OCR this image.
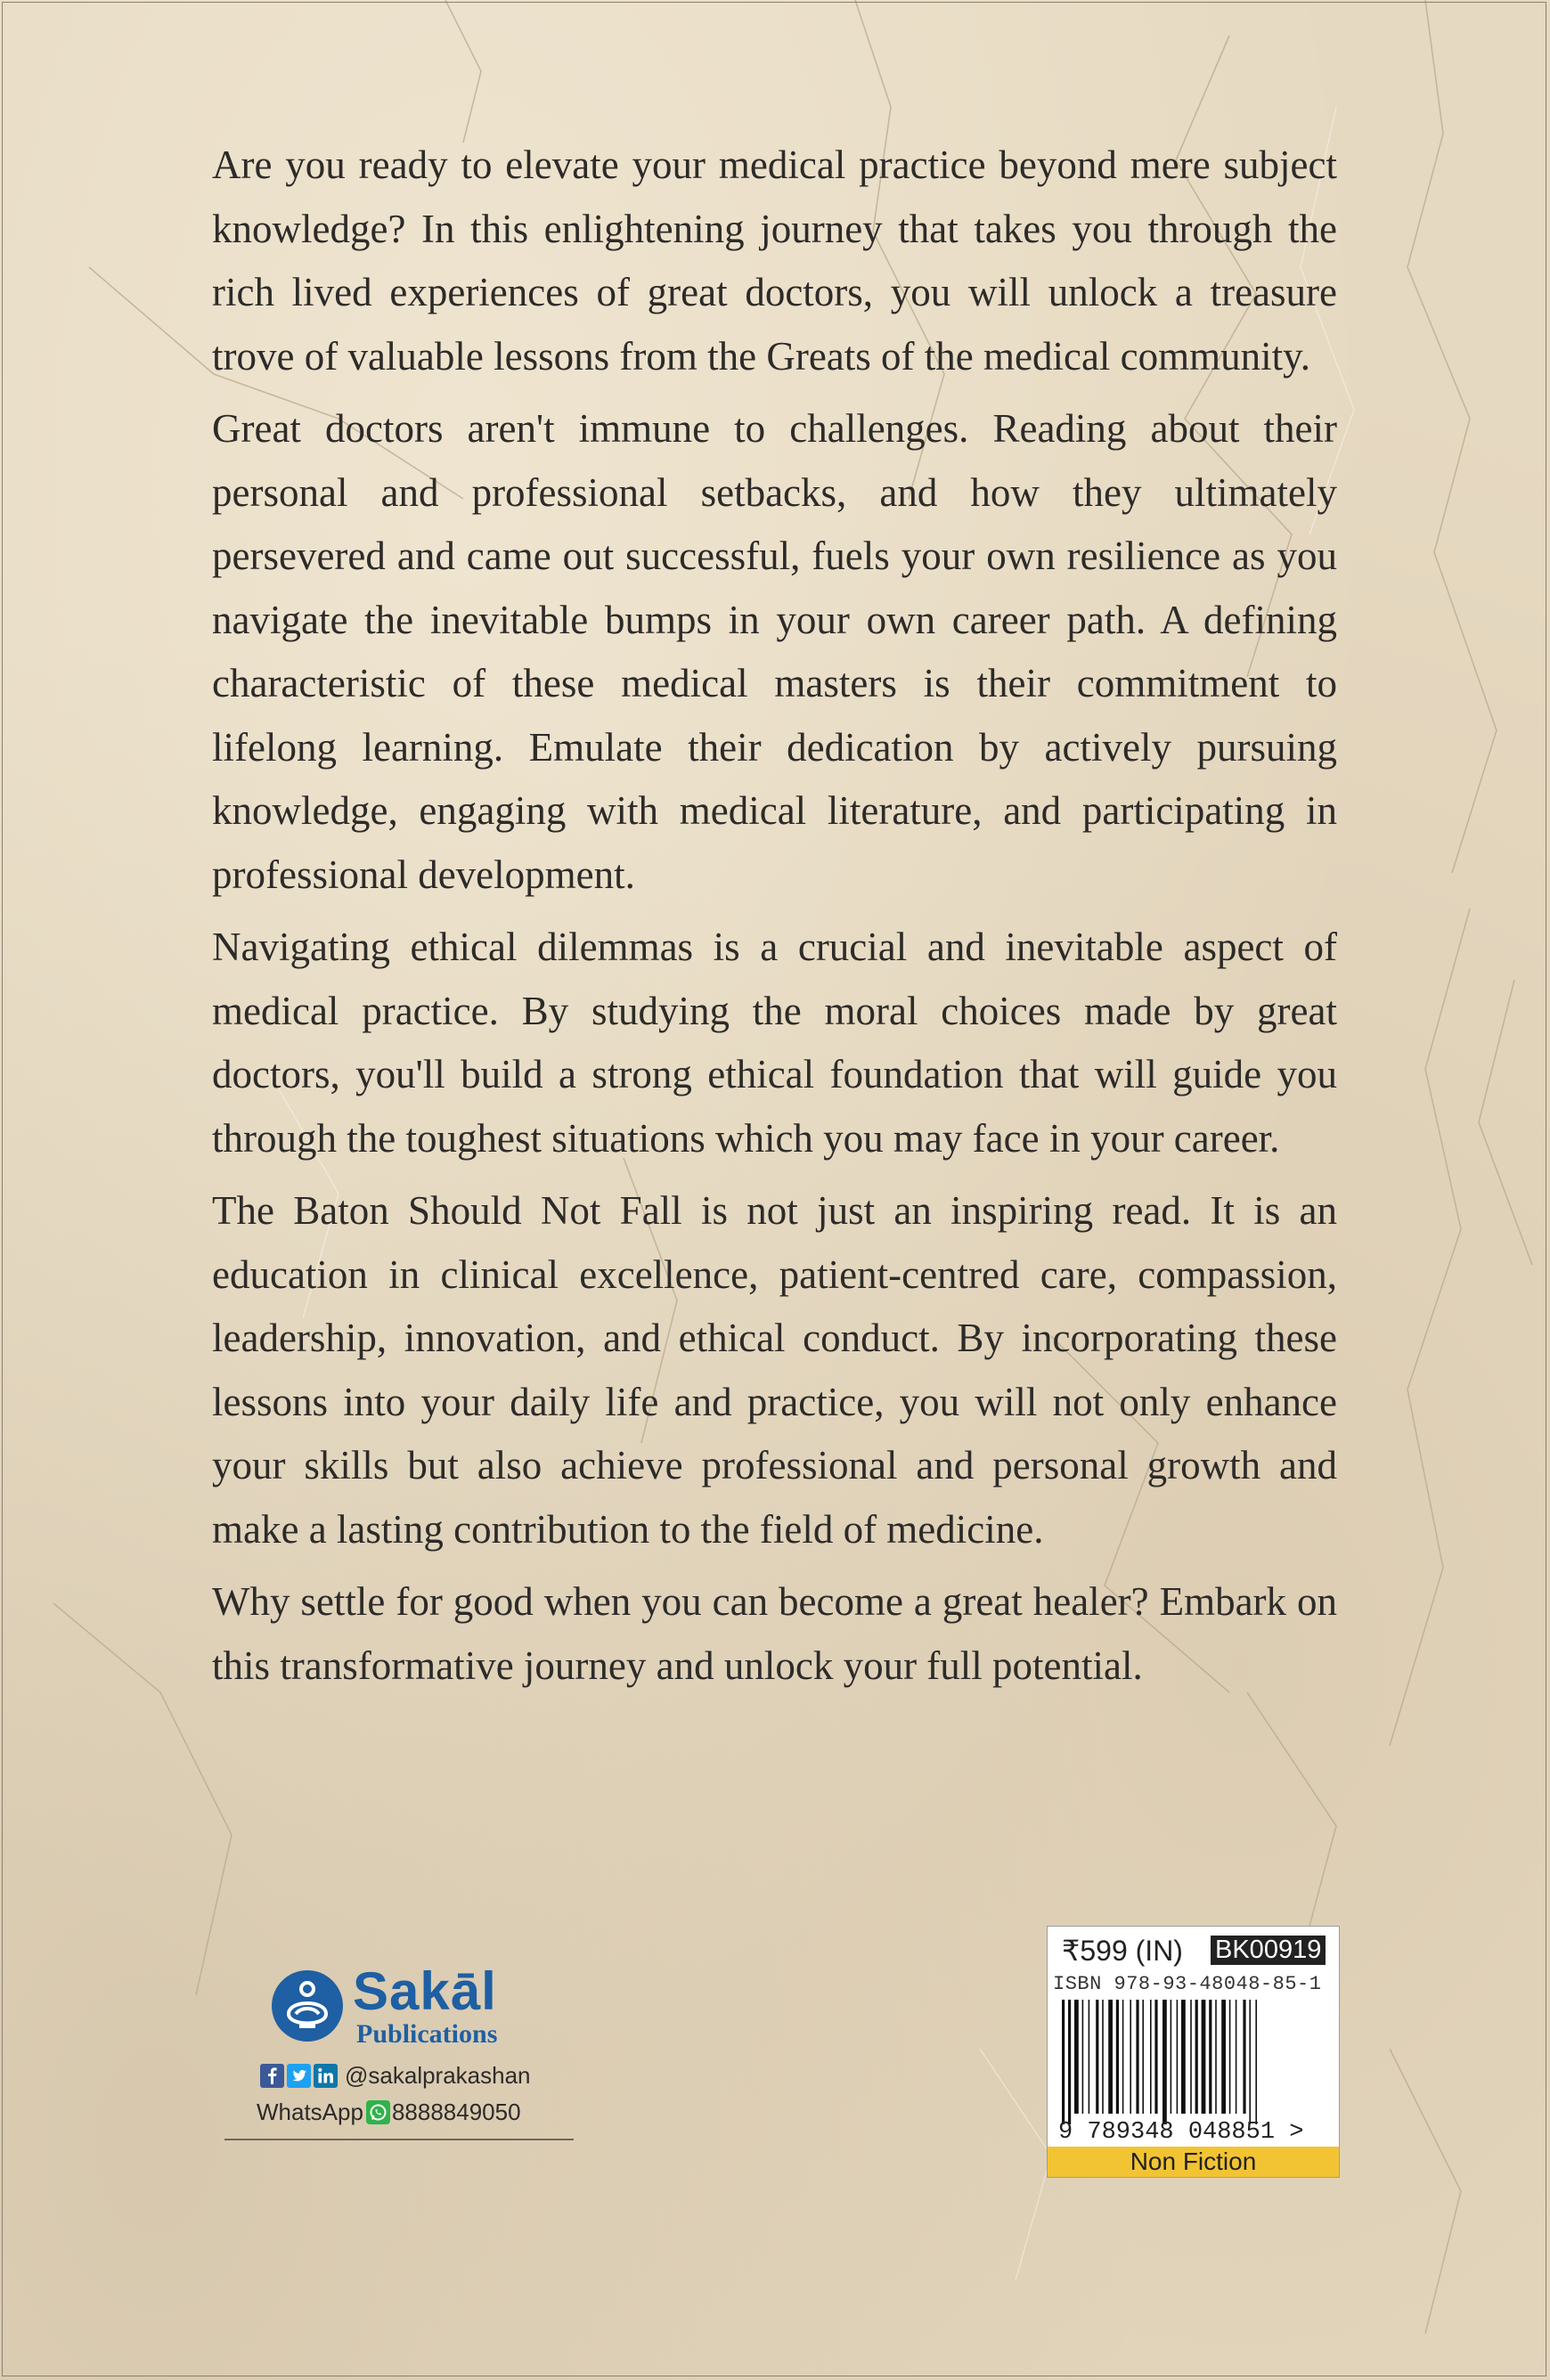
Are you ready to elevate your medical practice beyond mere subject knowledge? In this enlightening journey that takes you through the rich lived experiences of great doctors, you will unlock a treasure trove of valuable lessons from the Greats of the medical community.

Great doctors aren't immune to challenges. Reading about their personal and professional setbacks, and how they ultimately persevered and came out successful, fuels your own resilience as you navigate the inevitable bumps in your own career path. A defining characteristic of these medical masters is their commitment to lifelong learning. Emulate their dedication by actively pursuing knowledge, engaging with medical literature, and participating in professional development.

Navigating ethical dilemmas is a crucial and inevitable aspect of medical practice. By studying the moral choices made by great doctors, you'll build a strong ethical foundation that will guide you through the toughest situations which you may face in your career.

The Baton Should Not Fall is not just an inspiring read. It is an education in clinical excellence, patient-centred care, compassion, leadership, innovation, and ethical conduct. By incorporating these lessons into your daily life and practice, you will not only enhance your skills but also achieve professional and personal growth and make a lasting contribution to the field of medicine.

Why settle for good when you can become a great healer? Embark on this transformative journey and unlock your full potential.

Sakāl
Publications
@sakalprakashan
WhatsApp 8888849050
₹599 (IN) BK00919
ISBN 978-93-48048-85-1
9 789348 048851 >
Non Fiction
